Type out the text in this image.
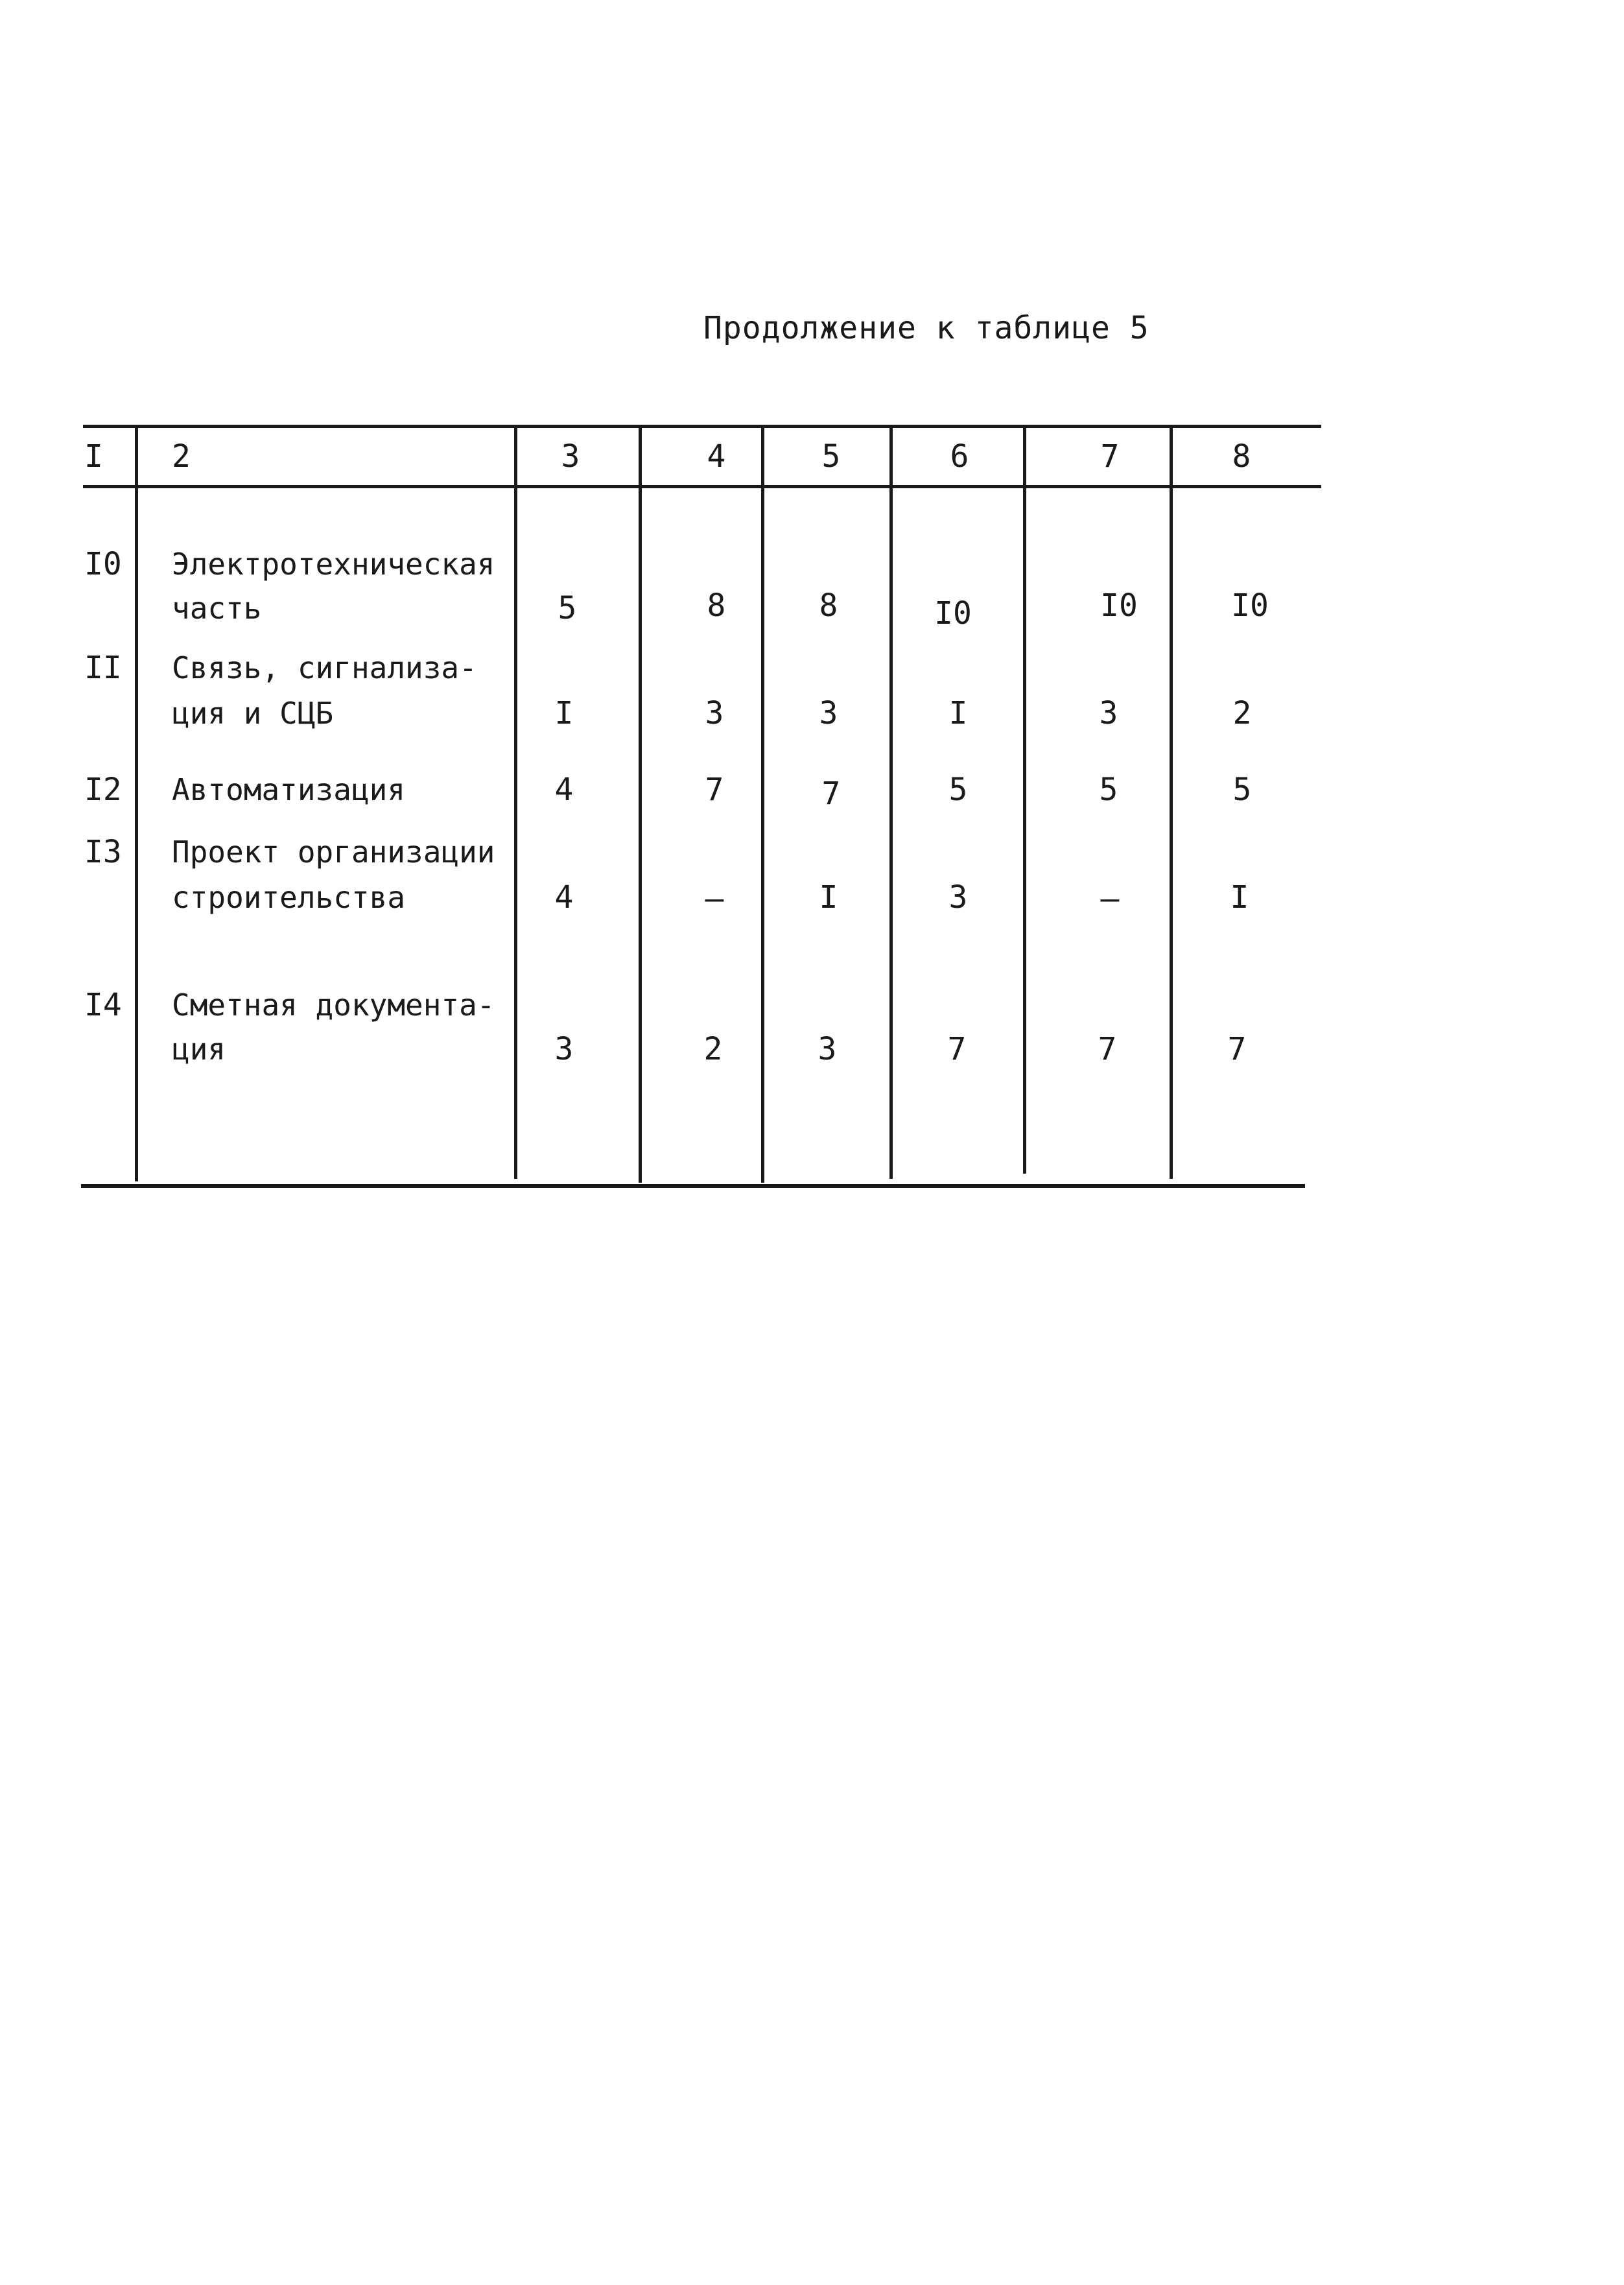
Продолжение к таблице 5
I 2	3	4	5	6	7	8
I0 Электротехническая
часть	5	8	8	I0	I0	I0
II Связь, сигнализа-
ция и СЦБ	I	3	3	I	3	2
I2 Автоматизация	4	7	7	5	5	5
I3 Проект организации
строительства	4	–	I	3	–	I
I4 Сметная документа-
ция	3	2	3	7	7	7
